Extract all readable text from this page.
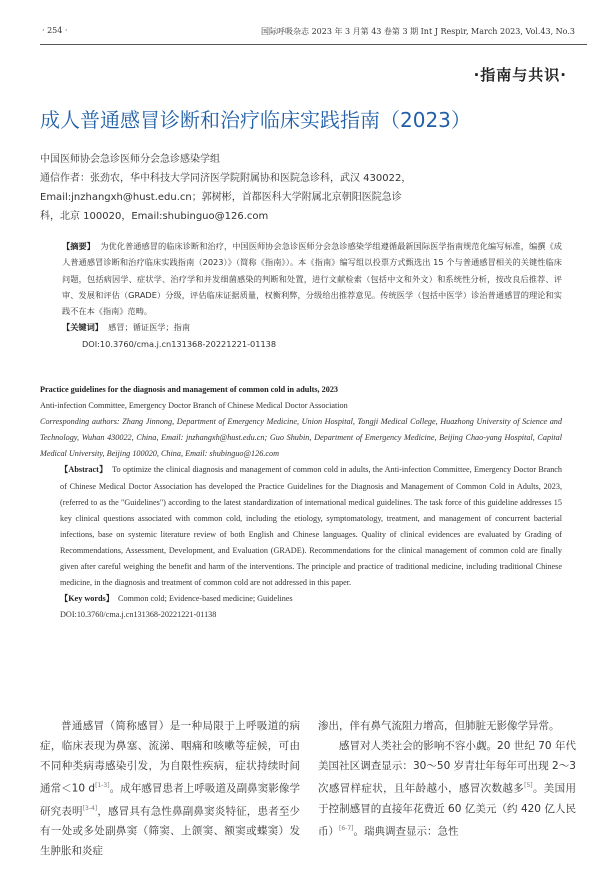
· 254 ·	国际呼吸杂志 2023 年 3 月第 43 卷第 3 期 Int J Respir, March 2023, Vol.43, No.3
·指南与共识·
成人普通感冒诊断和治疗临床实践指南（2023）
中国医师协会急诊医师分会急诊感染学组
通信作者：张劲农，华中科技大学同济医学院附属协和医院急诊科，武汉 430022，
Email:jnzhangxh@hust.edu.cn；郭树彬，首都医科大学附属北京朝阳医院急诊
科，北京 100020，Email:shubinguo@126.com

【摘要】 为优化普通感冒的临床诊断和治疗，中国医师协会急诊医师分会急诊感染学组遵循最新国际医学指南规范化编写标准，编撰《成人普通感冒诊断和治疗临床实践指南（2023）》（简称《指南》）。本《指南》编写组以投票方式甄选出 15 个与普通感冒相关的关键性临床问题，包括病因学、症状学、治疗学和并发细菌感染的判断和处置，进行文献检索（包括中文和外文）和系统性分析，按改良后推荐、评审、发展和评估（GRADE）分级，评估临床证据质量，权衡利弊，分级给出推荐意见。传统医学（包括中医学）诊治普通感冒的理论和实践不在本《指南》范畴。

【关键词】 感冒；循证医学；指南

DOI:10.3760/cma.j.cn131368-20221221-01138

Practice guidelines for the diagnosis and management of common cold in adults, 2023

Anti-infection Committee, Emergency Doctor Branch of Chinese Medical Doctor Association

Corresponding authors: Zhang Jinnong, Department of Emergency Medicine, Union Hospital, Tongji Medical College, Huazhong University of Science and Technology, Wuhan 430022, China, Email: jnzhangxh@hust.edu.cn; Guo Shubin, Department of Emergency Medicine, Beijing Chao-yang Hospital, Capital Medical University, Beijing 100020, China, Email: shubinguo@126.com

【Abstract】 To optimize the clinical diagnosis and management of common cold in adults, the Anti-infection Committee, Emergency Doctor Branch of Chinese Medical Doctor Association has developed the Practice Guidelines for the Diagnosis and Management of Common Cold in Adults, 2023, (referred to as the "Guidelines") according to the latest standardization of international medical guidelines. The task force of this guideline addresses 15 key clinical questions associated with common cold, including the etiology, symptomatology, treatment, and management of concurrent bacterial infections, base on systemic literature review of both English and Chinese languages. Quality of clinical evidences are evaluated by Grading of Recommendations, Assessment, Development, and Evaluation (GRADE). Recommendations for the clinical management of common cold are finally given after careful weighing the benefit and harm of the interventions. The principle and practice of traditional medicine, including traditional Chinese medicine, in the diagnosis and treatment of common cold are not addressed in this paper.

【Key words】 Common cold; Evidence-based medicine; Guidelines

DOI:10.3760/cma.j.cn131368-20221221-01138

普通感冒（简称感冒）是一种局限于上呼吸道的病症，临床表现为鼻塞、流涕、咽痛和咳嗽等症候，可由不同种类病毒感染引发，为自限性疾病，症状持续时间通常＜10 d[1-3]。成年感冒患者上呼吸道及副鼻窦影像学研究表明[3-4]，感冒具有急性鼻副鼻窦炎特征，患者至少有一处或多处副鼻窦（筛窦、上颌窦、额窦或蝶窦）发生肿胀和炎症

渗出，伴有鼻气流阻力增高，但肺脏无影像学异常。

感冒对人类社会的影响不容小觑。20 世纪 70 年代美国社区调查显示：30～50 岁青壮年每年可出现 2～3 次感冒样症状，且年龄越小，感冒次数越多[5]。美国用于控制感冒的直接年花费近 60 亿美元（约 420 亿人民币）[6-7]。瑞典调查显示：急性
